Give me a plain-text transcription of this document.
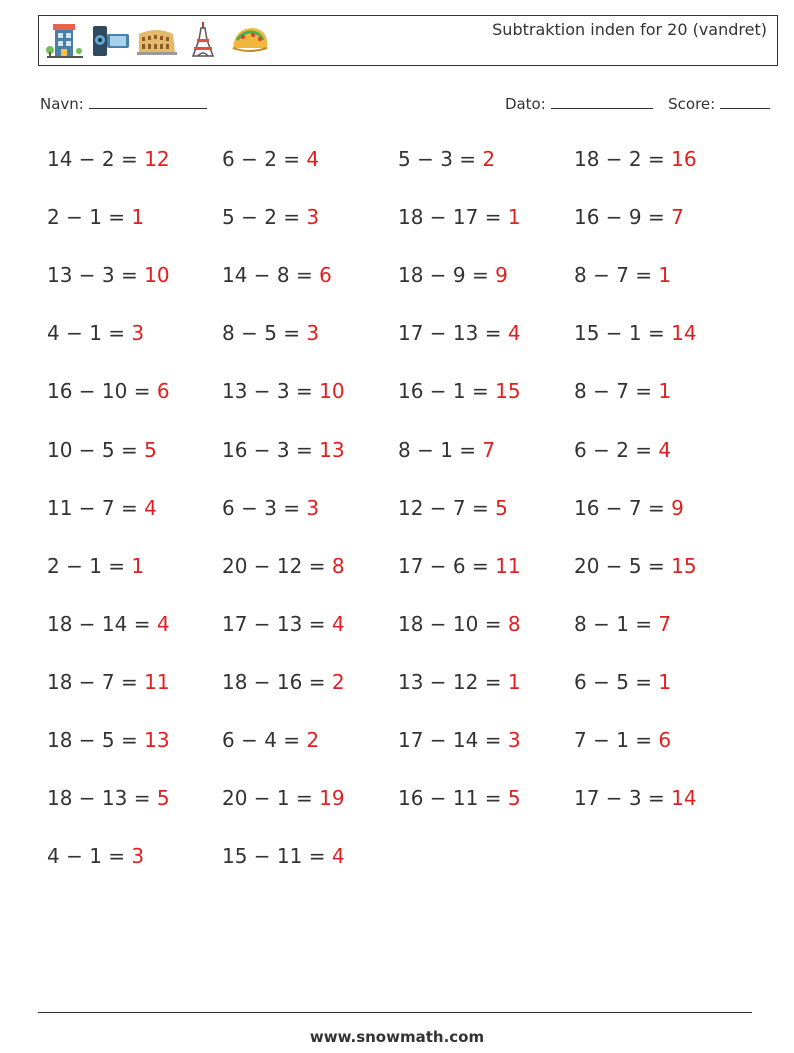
Subtraktion inden for 20 (vandret)
Navn:	Dato:	Score:
14 − 2 = 12
2 − 1 = 1
13 − 3 = 10
4 − 1 = 3
16 − 10 = 6
10 − 5 = 5
11 − 7 = 4
2 − 1 = 1
18 − 14 = 4
18 − 7 = 11
18 − 5 = 13
18 − 13 = 5
4 − 1 = 3
6 − 2 = 4
5 − 2 = 3
14 − 8 = 6
8 − 5 = 3
13 − 3 = 10
16 − 3 = 13
6 − 3 = 3
20 − 12 = 8
17 − 13 = 4
18 − 16 = 2
6 − 4 = 2
20 − 1 = 19
15 − 11 = 4
5 − 3 = 2
18 − 17 = 1
18 − 9 = 9
17 − 13 = 4
16 − 1 = 15
8 − 1 = 7
12 − 7 = 5
17 − 6 = 11
18 − 10 = 8
13 − 12 = 1
17 − 14 = 3
16 − 11 = 5
18 − 2 = 16
16 − 9 = 7
8 − 7 = 1
15 − 1 = 14
8 − 7 = 1
6 − 2 = 4
16 − 7 = 9
20 − 5 = 15
8 − 1 = 7
6 − 5 = 1
7 − 1 = 6
17 − 3 = 14
www.snowmath.com
